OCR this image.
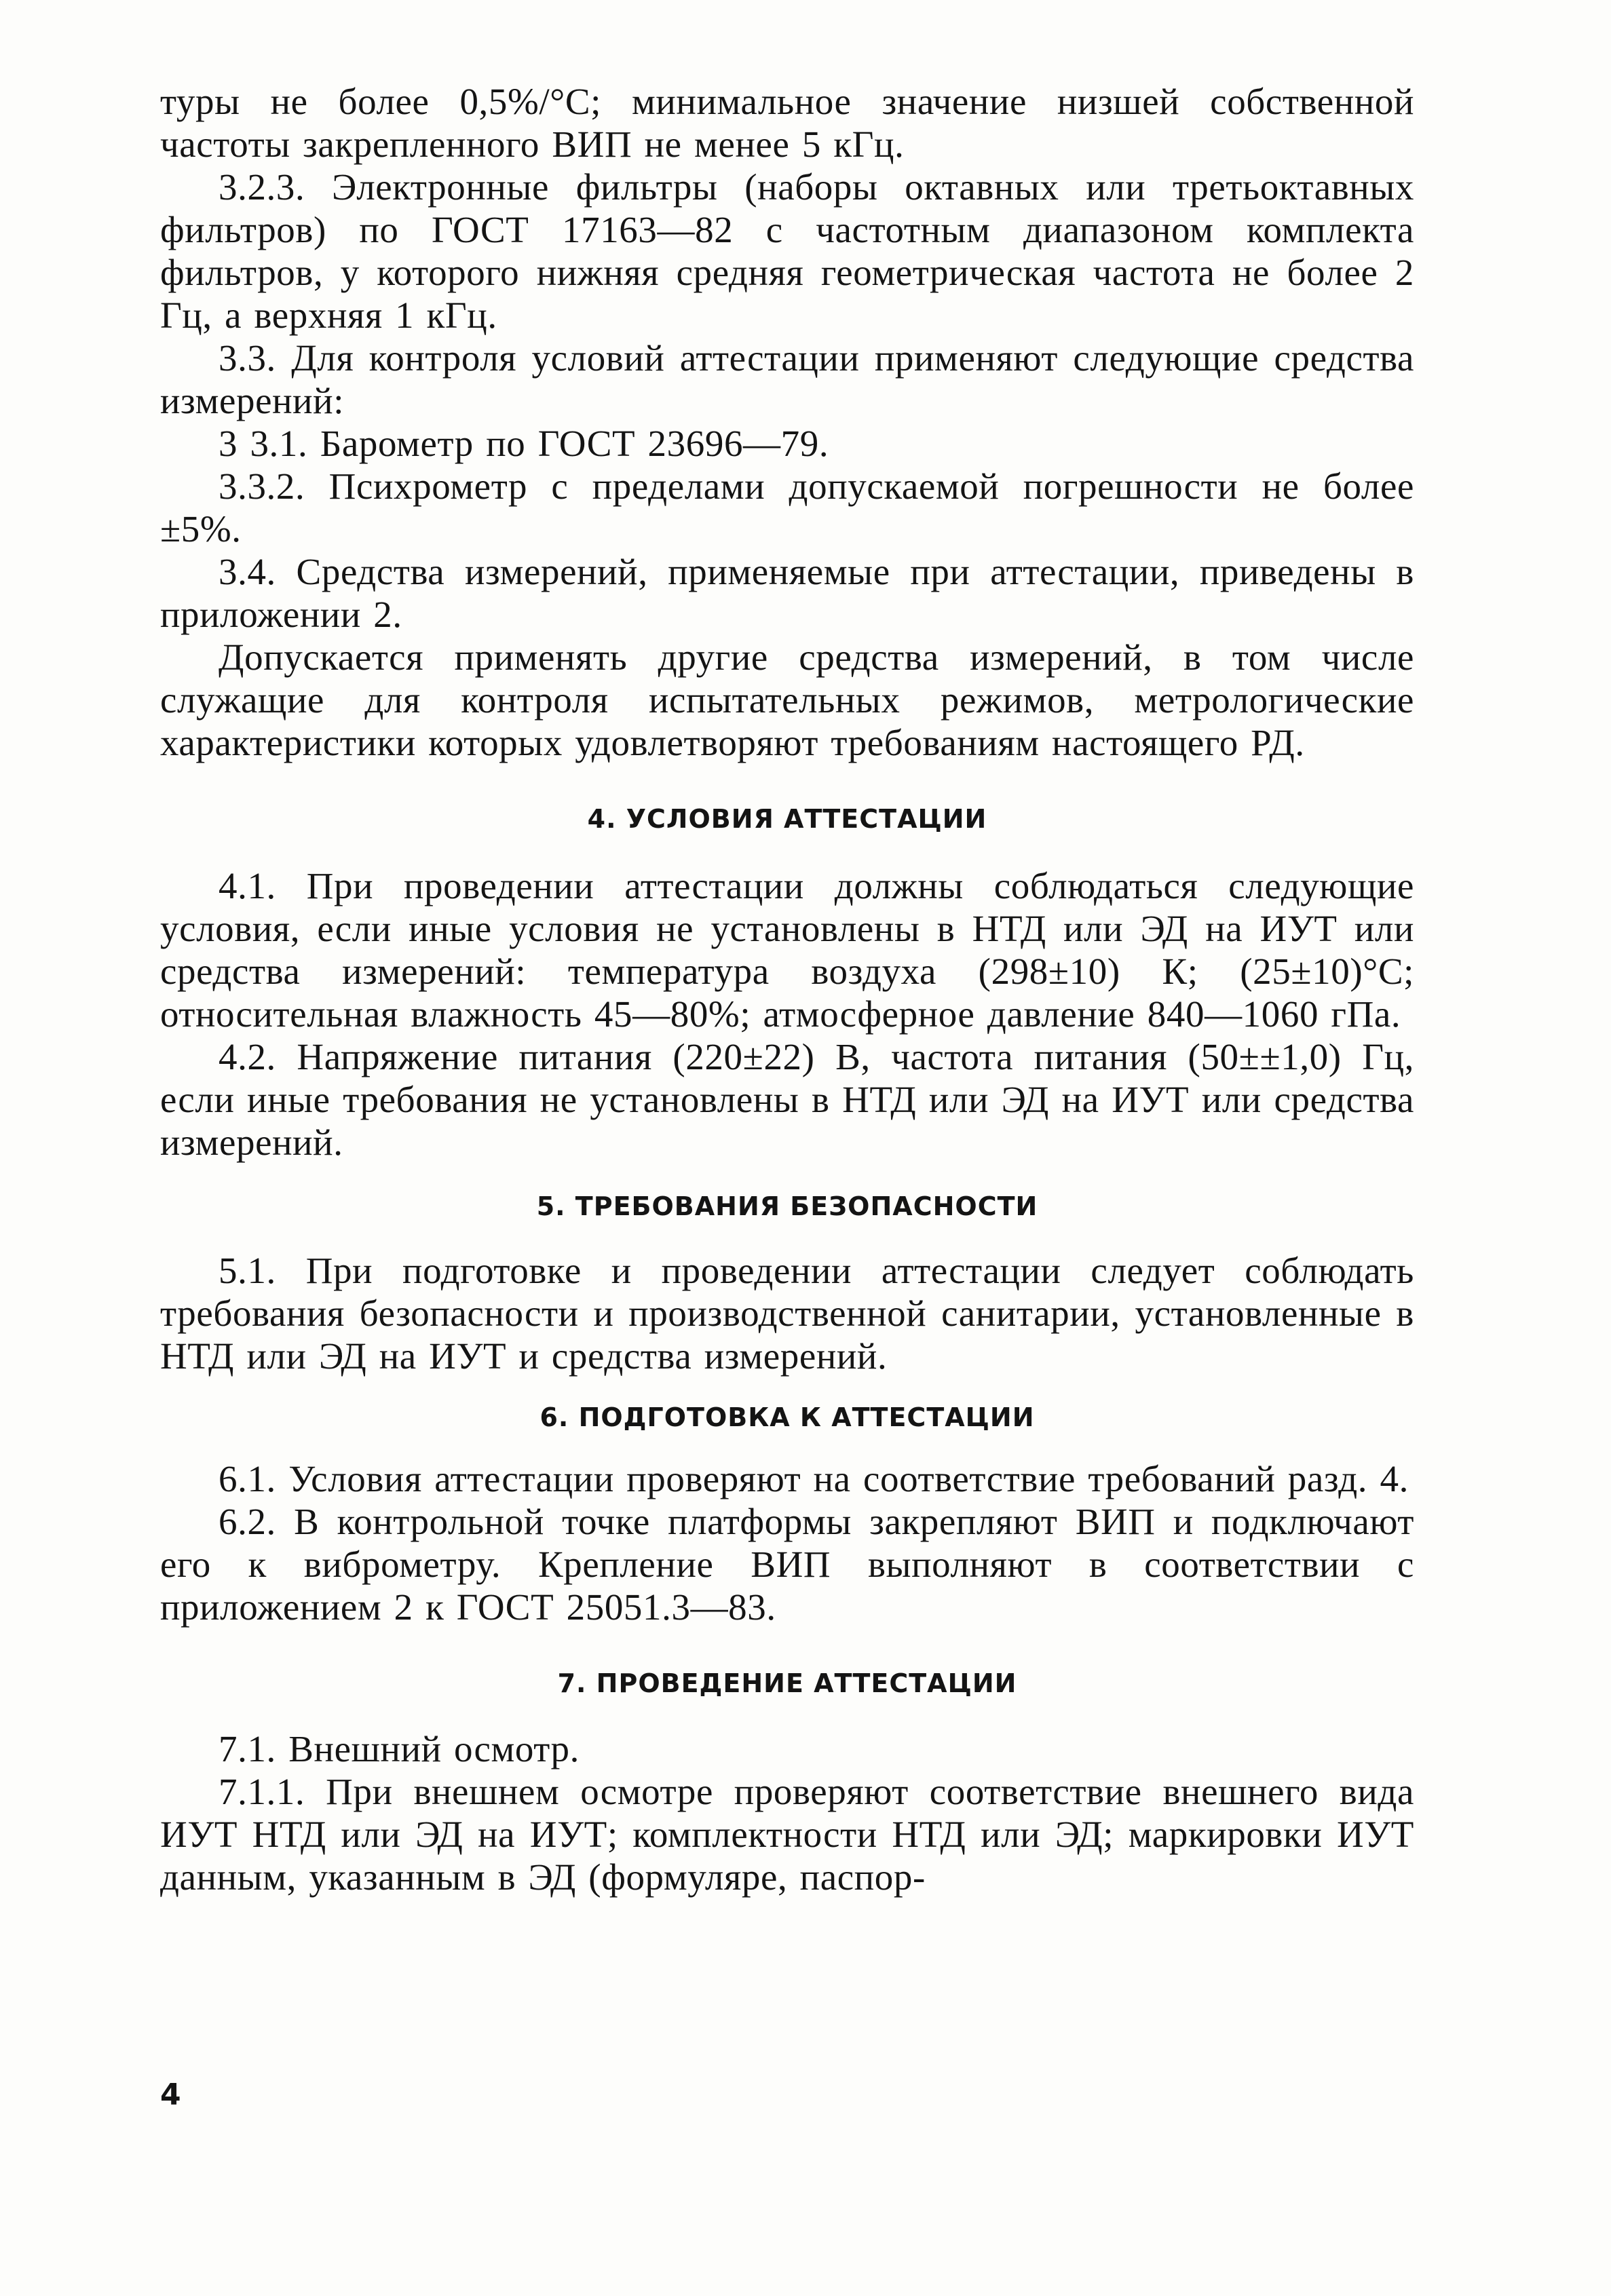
туры не более 0,5%/°С; минимальное значение низшей собственной частоты закрепленного ВИП не менее 5 кГц.

3.2.3. Электронные фильтры (наборы октавных или третьоктавных фильтров) по ГОСТ 17163—82 с частотным диапазоном комплекта фильтров, у которого нижняя средняя геометрическая частота не более 2 Гц, а верхняя 1 кГц.

3.3. Для контроля условий аттестации применяют следующие средства измерений:

3 3.1. Барометр по ГОСТ 23696—79.

3.3.2. Психрометр с пределами допускаемой погрешности не более ±5%.

3.4. Средства измерений, применяемые при аттестации, приведены в приложении 2.

Допускается применять другие средства измерений, в том числе служащие для контроля испытательных режимов, метрологические характеристики которых удовлетворяют требованиям настоящего РД.

4. УСЛОВИЯ АТТЕСТАЦИИ

4.1. При проведении аттестации должны соблюдаться следующие условия, если иные условия не установлены в НТД или ЭД на ИУТ или средства измерений: температура воздуха (298±10) К; (25±10)°С; относительная влажность 45—80%; атмосферное давление 840—1060 гПа.

4.2. Напряжение питания (220±22) В, частота питания (50±±1,0) Гц, если иные требования не установлены в НТД или ЭД на ИУТ или средства измерений.

5. ТРЕБОВАНИЯ БЕЗОПАСНОСТИ

5.1. При подготовке и проведении аттестации следует соблюдать требования безопасности и производственной санитарии, установленные в НТД или ЭД на ИУТ и средства измерений.

6. ПОДГОТОВКА К АТТЕСТАЦИИ

6.1. Условия аттестации проверяют на соответствие требований разд. 4.

6.2. В контрольной точке платформы закрепляют ВИП и подключают его к виброметру. Крепление ВИП выполняют в соответствии с приложением 2 к ГОСТ 25051.3—83.

7. ПРОВЕДЕНИЕ АТТЕСТАЦИИ

7.1. Внешний осмотр.

7.1.1. При внешнем осмотре проверяют соответствие внешнего вида ИУТ НТД или ЭД на ИУТ; комплектности НТД или ЭД; маркировки ИУТ данным, указанным в ЭД (формуляре, паспор-

4
